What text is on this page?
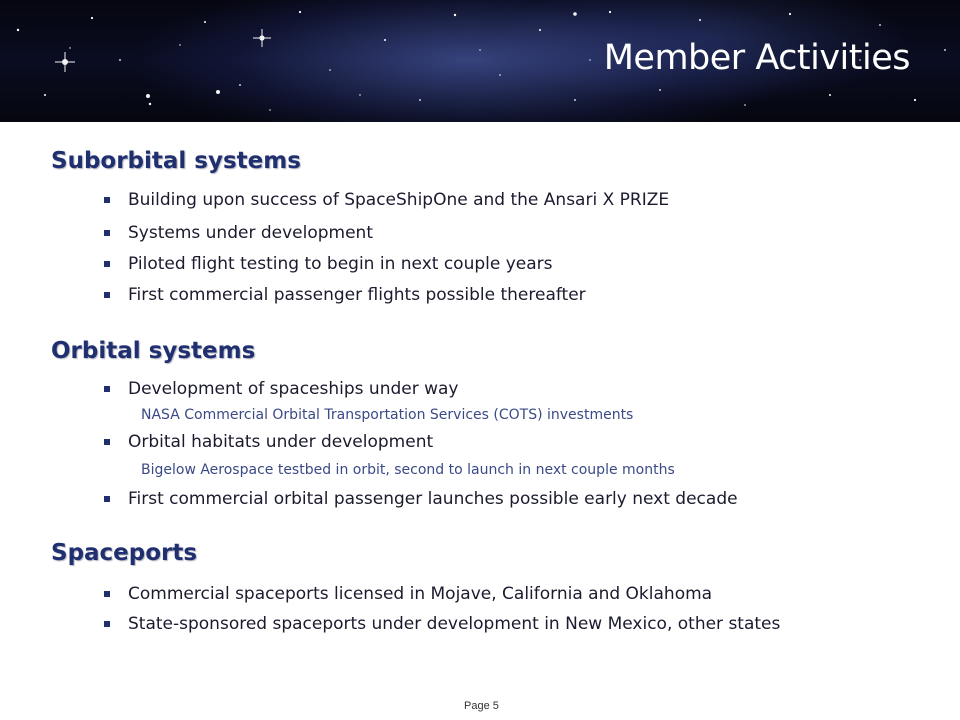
Member Activities
Suborbital systems
Building upon success of SpaceShipOne and the Ansari X PRIZE
Systems under development
Piloted flight testing to begin in next couple years
First commercial passenger flights possible thereafter
Orbital systems
Development of spaceships under way
NASA Commercial Orbital Transportation Services (COTS) investments
Orbital habitats under development
Bigelow Aerospace testbed in orbit, second to launch in next couple months
First commercial orbital passenger launches possible early next decade
Spaceports
Commercial spaceports licensed in Mojave, California and Oklahoma
State-sponsored spaceports under development in New Mexico, other states
Page 5
